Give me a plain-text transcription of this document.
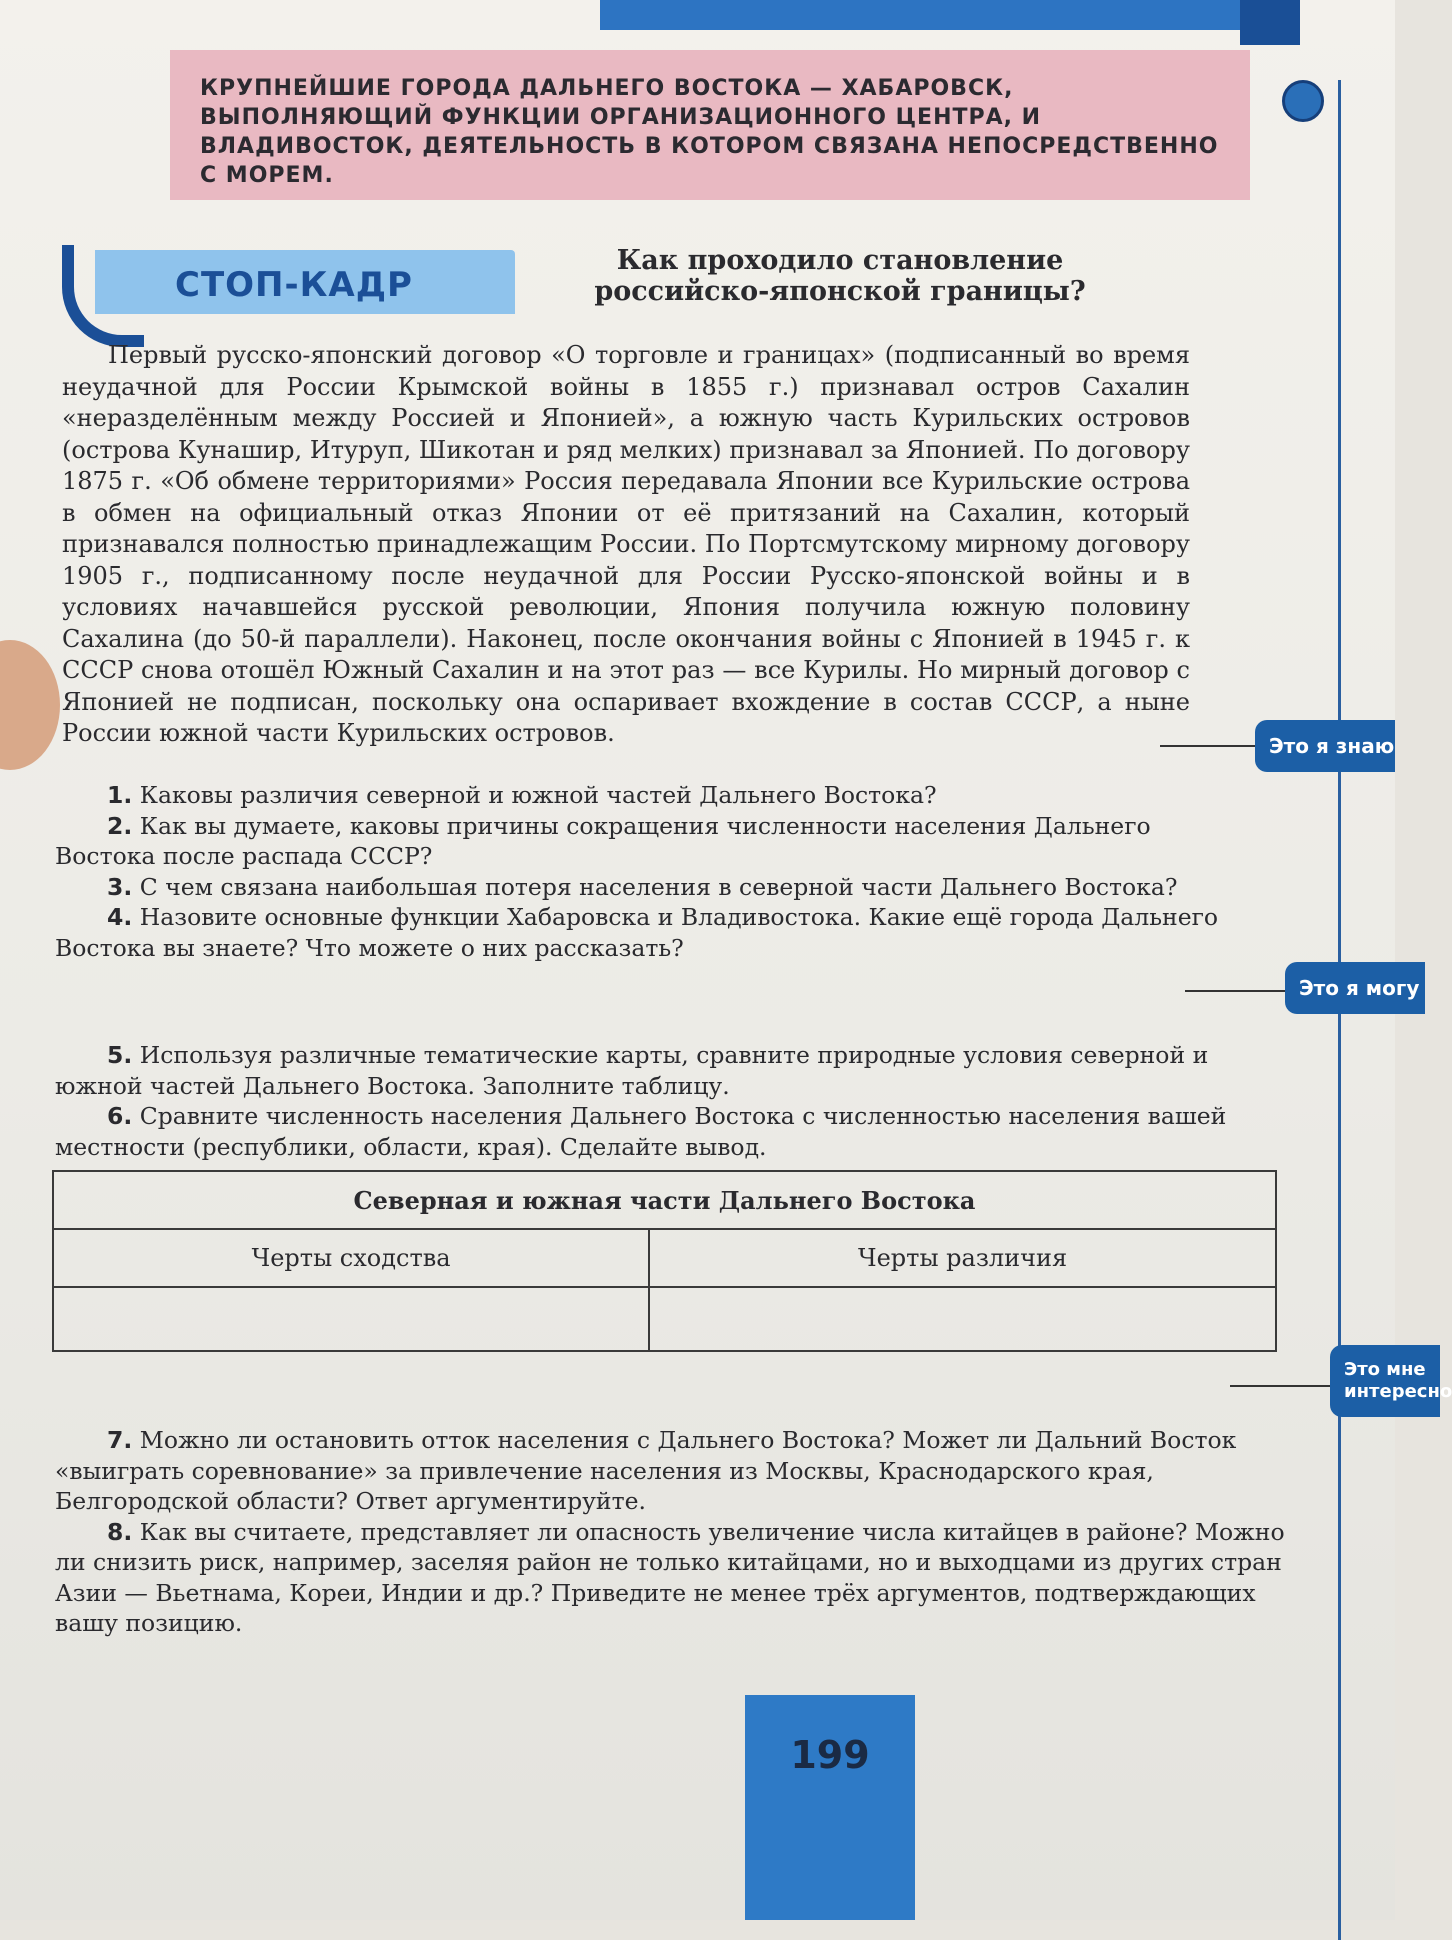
КРУПНЕЙШИЕ ГОРОДА ДАЛЬНЕГО ВОСТОКА — ХАБАРОВСК, ВЫПОЛНЯЮЩИЙ ФУНКЦИИ ОРГАНИЗАЦИОННОГО ЦЕНТРА, И ВЛАДИВОСТОК, ДЕЯТЕЛЬНОСТЬ В КОТОРОМ СВЯЗАНА НЕПОСРЕДСТВЕННО С МОРЕМ.
СТОП-КАДР
Как проходило становление российско-японской границы?
Первый русско-японский договор «О торговле и границах» (подписанный во время неудачной для России Крымской войны в 1855 г.) признавал остров Сахалин «неразделённым между Россией и Японией», а южную часть Курильских островов (острова Кунашир, Итуруп, Шикотан и ряд мелких) признавал за Японией. По договору 1875 г. «Об обмене территориями» Россия передавала Японии все Курильские острова в обмен на официальный отказ Японии от её притязаний на Сахалин, который признавался полностью принадлежащим России. По Портсмутскому мирному договору 1905 г., подписанному после неудачной для России Русско-японской войны и в условиях начавшейся русской революции, Япония получила южную половину Сахалина (до 50-й параллели). Наконец, после окончания войны с Японией в 1945 г. к СССР снова отошёл Южный Сахалин и на этот раз — все Курилы. Но мирный договор с Японией не подписан, поскольку она оспаривает вхождение в состав СССР, а ныне России южной части Курильских островов.	Это я знаю

1. Каковы различия северной и южной частей Дальнего Востока?

2. Как вы думаете, каковы причины сокращения численности населения Дальнего Востока после распада СССР?

3. С чем связана наибольшая потеря населения в северной части Дальнего Востока?

4. Назовите основные функции Хабаровска и Владивостока. Какие ещё города Дальнего Востока вы знаете? Что можете о них рассказать?

Это я могу

5. Используя различные тематические карты, сравните природные условия северной и южной частей Дальнего Востока. Заполните таблицу.

6. Сравните численность населения Дальнего Востока с численностью населения вашей местности (республики, области, края). Сделайте вывод.

Северная и южная части Дальнего Востока	
Черты сходства	Черты различия

Это мне интересно

7. Можно ли остановить отток населения с Дальнего Востока? Может ли Дальний Восток «выиграть соревнование» за привлечение населения из Москвы, Краснодарского края, Белгородской области? Ответ аргументируйте.

8. Как вы считаете, представляет ли опасность увеличение числа китайцев в районе? Можно ли снизить риск, например, заселяя район не только китайцами, но и выходцами из других стран Азии — Вьетнама, Кореи, Индии и др.? Приведите не менее трёх аргументов, подтверждающих вашу позицию.

199
